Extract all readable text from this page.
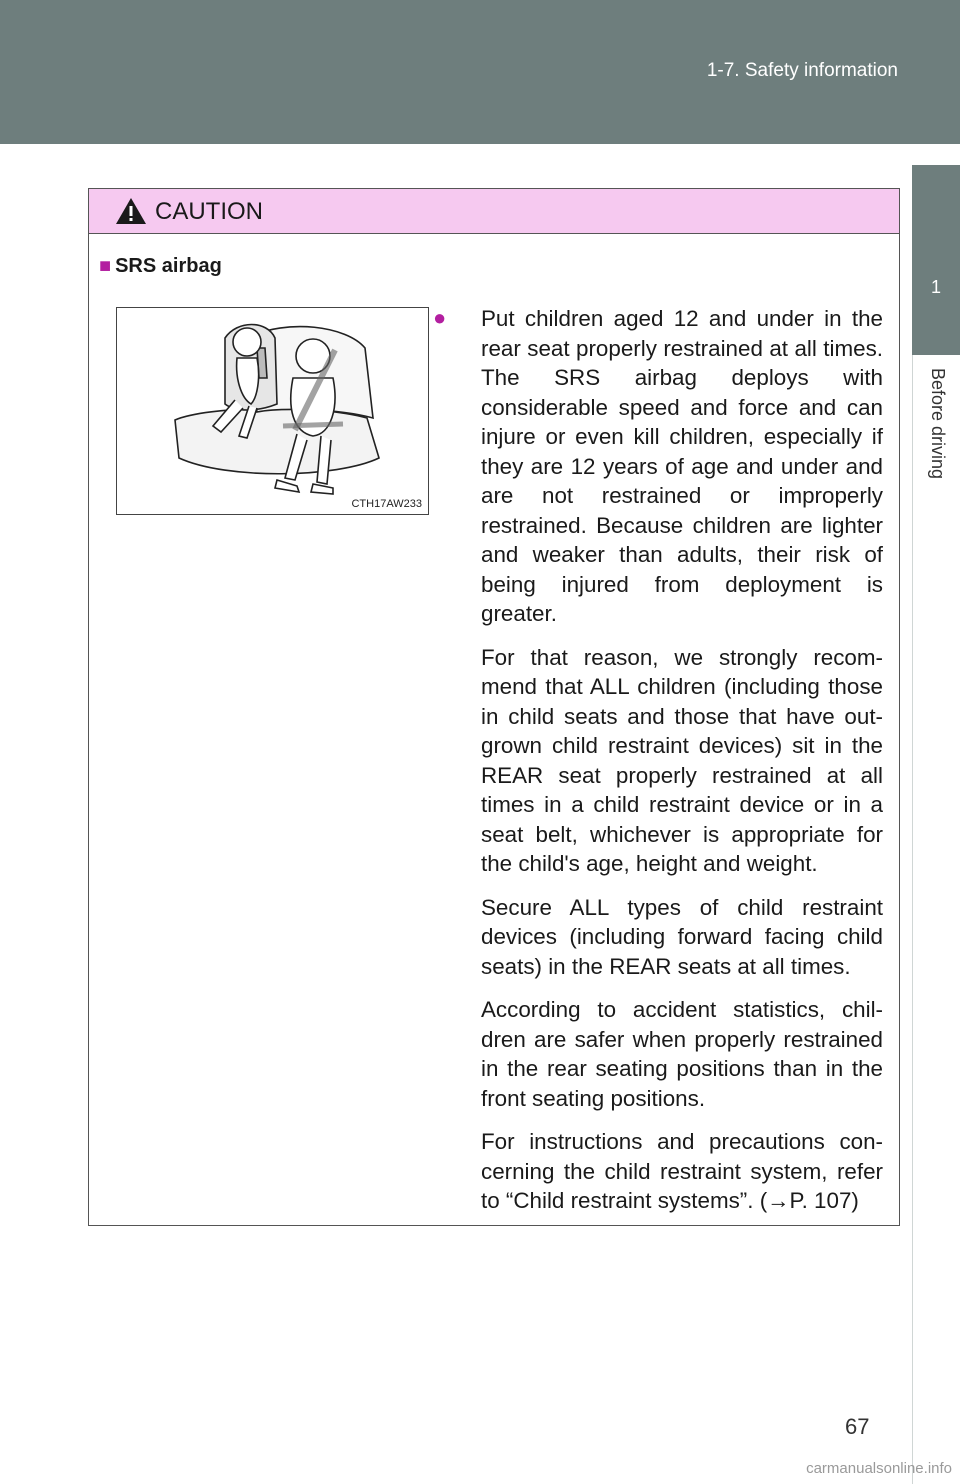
1-7. Safety information
1
Before driving
CAUTION
■ SRS airbag
CTH17AW233
● Put children aged 12 and under in the rear seat properly restrained at all times. The SRS airbag deploys with considerable speed and force and can injure or even kill children, especially if they are 12 years of age and under and are not restrained or improperly restrained. Because children are lighter and weaker than adults, their risk of being injured from deployment is greater.

For that reason, we strongly recom-mend that ALL children (including those in child seats and those that have out-grown child restraint devices) sit in the REAR seat properly restrained at all times in a child restraint device or in a seat belt, whichever is appropriate for the child's age, height and weight.

Secure ALL types of child restraint devices (including forward facing child seats) in the REAR seats at all times.

According to accident statistics, chil-dren are safer when properly restrained in the rear seating positions than in the front seating positions.

For instructions and precautions con-cerning the child restraint system, refer to “Child restraint systems”. (→P. 107)

67
carmanualsonline.info
